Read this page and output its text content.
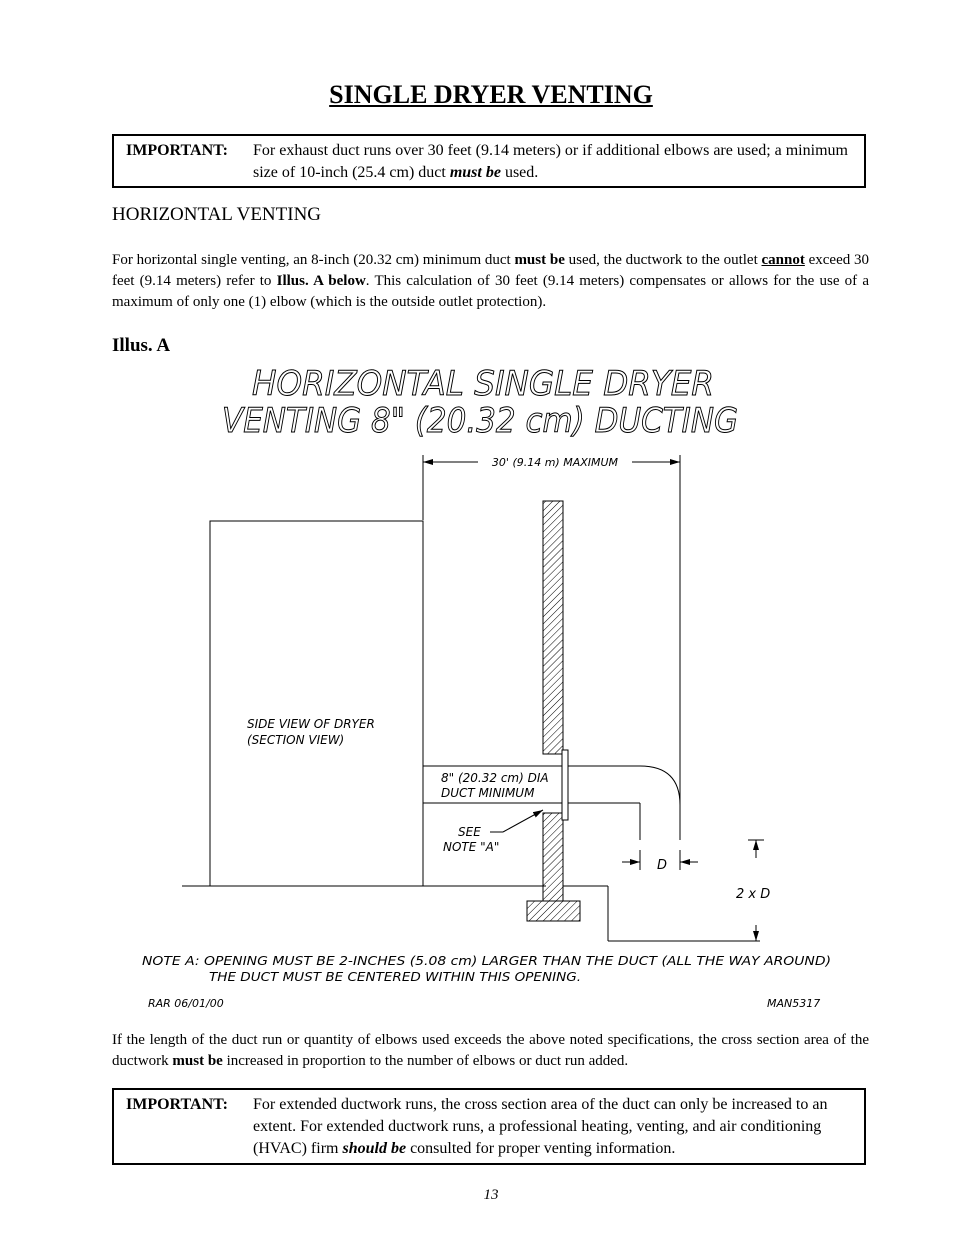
SINGLE DRYER VENTING
IMPORTANT: For exhaust duct runs over 30 feet (9.14 meters) or if additional elbows are used; a minimum size of 10-inch (25.4 cm) duct must be used.
HORIZONTAL VENTING

For horizontal single venting, an 8-inch (20.32 cm) minimum duct must be used, the ductwork to the outlet cannot exceed 30 feet (9.14 meters) refer to Illus. A below. This calculation of 30 feet (9.14 meters) compensates or allows for the use of a maximum of only one (1) elbow (which is the outside outlet protection).

Illus. A
HORIZONTAL SINGLE DRYER
VENTING 8" (20.32 cm) DUCTING
30' (9.14 m) MAXIMUM
SIDE VIEW OF DRYER
(SECTION VIEW)
8" (20.32 cm) DIA
DUCT MINIMUM
SEE
NOTE "A"
D
2 x D
NOTE A: OPENING MUST BE 2-INCHES (5.08 cm) LARGER THAN THE DUCT (ALL THE WAY AROUND)
THE DUCT MUST BE CENTERED WITHIN THIS OPENING.
RAR 06/01/00	MAN5317

If the length of the duct run or quantity of elbows used exceeds the above noted specifications, the cross section area of the ductwork must be increased in proportion to the number of elbows or duct run added.

IMPORTANT: For extended ductwork runs, the cross section area of the duct can only be increased to an extent. For extended ductwork runs, a professional heating, venting, and air conditioning (HVAC) firm should be consulted for proper venting information.
13
